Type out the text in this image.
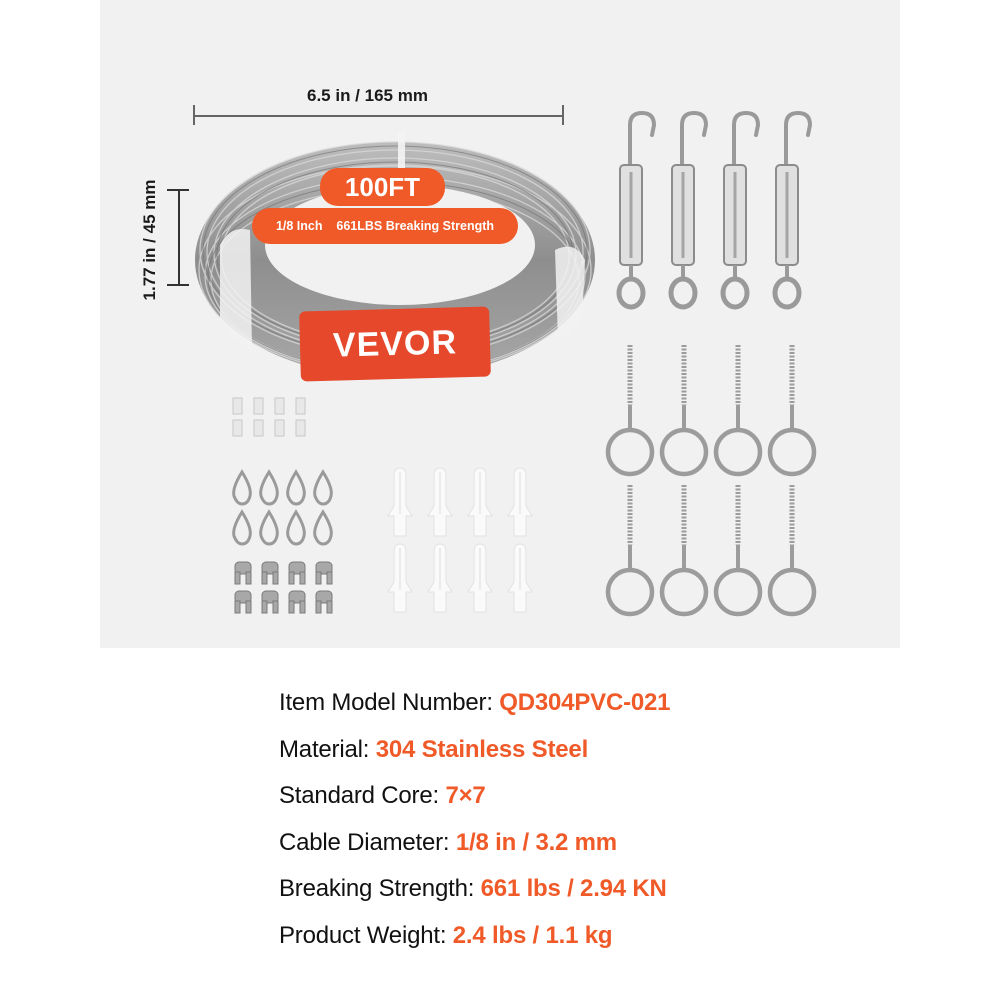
6.5 in / 165 mm
1.77 in / 45 mm	100FT
1/8 Inch    661LBS Breaking Strength
VEVOR
Item Model Number: QD304PVC-021
Material: 304 Stainless Steel
Standard Core: 7×7
Cable Diameter: 1/8 in / 3.2 mm
Breaking Strength: 661 lbs / 2.94 KN
Product Weight: 2.4 lbs / 1.1 kg
